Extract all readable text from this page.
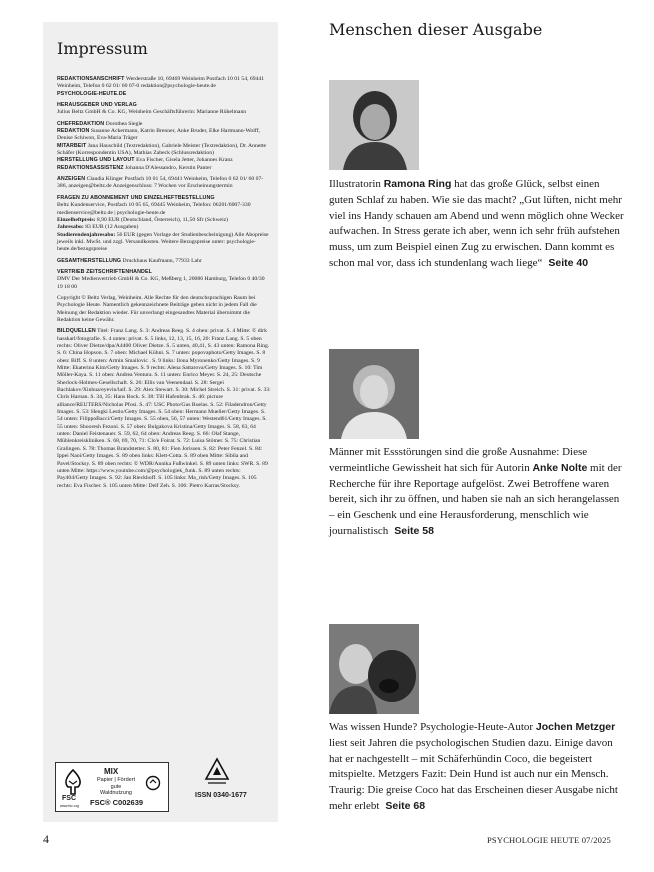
Impressum

REDAKTIONSANSCHRIFT Werderstraße 10, 69469 Weinheim Postfach 10 01 54, 69441 Weinheim, Telefon 0 62 01/ 60 07-0 redaktion@psychologie-heute.de
PSYCHOLOGIE-HEUTE.DE

HERAUSGEBER UND VERLAG
Julius Beltz GmbH & Co. KG, Weinheim Geschäftsführerin: Marianne Rühelmann

CHEFREDAKTION Dorothea Siegle
REDAKTION Susanne Ackermann, Katrin Brenner, Anke Bruder, Elke Hartmann-Wolff, Denise Schiwon, Eva-Maria Träger
MITARBEIT Jana Hauschild (Textredaktion), Gabriele Meister (Textredaktion), Dr. Annette Schäfer (Korrespondentin USA), Mathias Zabeck (Schlussredaktion)
HERSTELLUNG UND LAYOUT Eva Fischer, Gisela Jetter, Johannes Kranz
REDAKTIONSASSISTENZ Johanna D'Alessandro, Kerstin Panter

ANZEIGEN Claudia Klinger Postfach 10 01 54, 69441 Weinheim, Telefon 0 62 01/ 60 07-386, anzeigen@beltz.de Anzeigenschluss: 7 Wochen vor Erscheinungstermin

FRAGEN ZU ABONNEMENT UND EINZELHEFTBESTELLUNG
Beltz Kundenservice, Postfach 10 05 65, 69445 Weinheim, Telefon: 06201/6007-330 medienservice@beltz.de | psychologie-heute.de
Einzelheftpreis: 8,90 EUR (Deutschland, Österreich), 11,50 Sfr (Schweiz)
Jahresabo: 83 EUR (12 Ausgaben)
Studierendenjahresabo: 56 EUR (gegen Vorlage der Studienbescheinigung) Alle Abopreise jeweils inkl. MwSt. und zzgl. Versandkosten. Weitere Bezugspreise unter: psychologie-heute.de/bezugspreise

GESAMTHERSTELLUNG Druckhaus Kaufmann, 77933 Lahr

VERTRIEB ZEITSCHRIFTENHANDEL
DMV Der Medienvertrieb GmbH & Co. KG, Meßberg 1, 20086 Hamburg, Telefon 0 40/30 19 18 00

Copyright © Beltz Verlag, Weinheim. Alle Rechte für den deutschsprachigen Raum bei Psychologie Heute. Namentlich gekennzeichnete Beiträge geben nicht in jedem Fall die Meinung der Redaktion wieder. Für unverlangt eingesandtes Material übernimmt die Redaktion keine Gewähr.

BILDQUELLEN Titel: Franz Lang. S. 3: Andreas Reeg. S. 4 oben: privat. S. 4 Mitte: © dirk hasskarl/fotografie. S. 4 unten: privat. S. 5 links, 12, 13, 15, 16, 20: Franz Lang. S. 5 oben rechts: Oliver Dietze/dpa/A4400 Oliver Dietze. S. 5 unten, 40,41, S. 43 unten: Ramona Ring. S. 6: China Hopson. S. 7 oben: Michael Kühni. S. 7 unten: popovaphoto/Getty Images. S. 8 oben: Biff. S. 8 unten: Armin Smailovic . S. 9 links: Ilona Myronenko/Getty Images. S. 9 Mitte: Ekaterina Kim/Getty Images. S. 9 rechts: Alena Sattarova/Getty Images. S. 10: Tim Möller-Kaya. S. 11 oben: Andrea Ventura. S. 11 unten: Enrico Meyer. S. 24, 25: Deutsche Sherlock-Holmes-Gesellschaft. S. 26: Ellis van Veenendaal. S. 28: Sergei Bachlakov/Xinhua/eyevin/laif. S. 29: Alex Stewart. S. 30: Michel Streich. S. 31: privat. S. 33: Chris Harnan. S. 34, 35: Hans Bock. S. 38: Till Hafenbrak. S. 46: picture alliance/REUTERS/Nicholas Pfosi. S. 47: USC Photo/Gus Ruelas. S. 52: Filadendron/Getty Images. S. 53: Hengki Lestio/Getty Images. S. 54 oben: Hermann Mueller/Getty Images. S. 54 unten: FilippoBacci/Getty Images. S. 55 oben, 56, 57 unten: Westend61/Getty Images. S. 55 unten: Shooresh Fezoni. S. 57 oben: Bulgakova Kristina/Getty Images. S. 58, 63, 64 unten: Daniel Feistenauer. S. 59, 62, 64 oben: Andreas Reeg. S. 66: Olaf Stange, Mühlenkreiskliniken. S. 68, 69, 70, 71: Clo'e Foirat. S. 72: Luisa Stömer. S. 75: Christian Gralingen. S. 78: Thomas Brandstetter. S. 80, 81: Fien Jorissen. S. 82: Peter Fenzel. S. 84: Ippei Naoi/Getty Images. S. 89 oben links: Klett-Cotta. S. 89 oben Mitte: Sibila and Pavel/Stocksy. S. 89 oben rechts: © WDR/Annika Fußwinkel. S. 89 unten links: SWR. S. 89 unten Mitte: https://www.youtube.com/@psychologiek_funk. S. 89 unten rechts: Pay404/Getty Images. S. 92: Jan Rieckhoff. S. 105 links: Ma_rish/Getty Images. S. 105 rechts: Eva Fischer. S. 105 unten Mitte: Delf Zeh. S. 106: Pietro Karras/Stocksy.

FSC
www.fsc.org
MIX
Papier | Fördert gute Waldnutzung
FSC® C002639
ISSN 0340-1677
Menschen dieser Ausgabe
Illustratorin Ramona Ring hat das große Glück, selbst einen guten Schlaf zu haben. Wie sie das macht? „Gut lüften, nicht mehr viel ins Handy schauen am Abend und wenn möglich ohne Wecker aufwachen. In Stress gerate ich aber, wenn ich sehr früh aufstehen muss, um zum Beispiel einen Zug zu erwischen. Dann kommt es schon mal vor, dass ich stundenlang wach liege“ Seite 40
Männer mit Essstörungen sind die große Ausnahme: Diese vermeintliche Gewissheit hat sich für Autorin Anke Nolte mit der Recherche für ihre Reportage aufgelöst. Zwei Betroffene waren bereit, sich ihr zu öffnen, und haben sie nah an sich herangelassen – ein Geschenk und eine Herausforderung, menschlich wie journalistisch Seite 58
Was wissen Hunde? Psychologie-Heute-Autor Jochen Metzger liest seit Jahren die psychologischen Studien dazu. Einige davon hat er nachgestellt – mit Schäferhündin Coco, die begeistert mitspielte. Metzgers Fazit: Dein Hund ist auch nur ein Mensch. Traurig: Die greise Coco hat das Erscheinen dieser Ausgabe nicht mehr erlebt Seite 68
4	PSYCHOLOGIE HEUTE 07/2025
